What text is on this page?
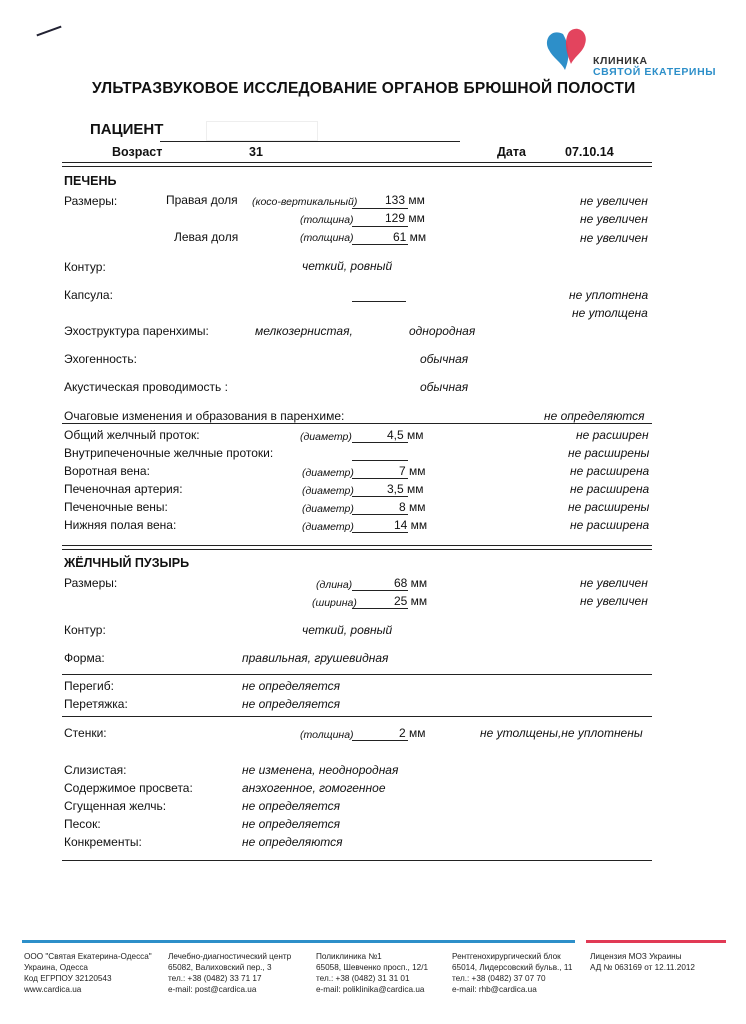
КЛИНИКА
СВЯТОЙ ЕКАТЕРИНЫ
УЛЬТРАЗВУКОВОЕ ИССЛЕДОВАНИЕ ОРГАНОВ БРЮШНОЙ ПОЛОСТИ
ПАЦИЕНТ
Возраст	31	Дата	07.10.14
ПЕЧЕНЬ
Размеры:	Правая доля (косо-вертикальный)	133 мм	не увеличен
(толщина)	129 мм	не увеличен
Левая доля	(толщина)	61 мм	не увеличен
Контур:	четкий, ровный
Капсула:	не уплотнена
не утолщена
Эхоструктура паренхимы:	мелкозернистая,	однородная
Эхогенность:	обычная
Акустическая проводимость :	обычная
Очаговые изменения и образования в паренхиме:	не определяются
Общий желчный проток:	(диаметр)	4,5 мм	не расширен
Внутрипеченочные желчные протоки:	не расширены
Воротная вена:	(диаметр)	7 мм	не расширена
Печеночная артерия:	(диаметр)	3,5 мм	не расширена
Печеночные вены:	(диаметр)	8 мм	не расширены
Нижняя полая вена:	(диаметр)	14 мм	не расширена
ЖЁЛЧНЫЙ ПУЗЫРЬ
Размеры:	(длина)	68 мм	не увеличен
(ширина)	25 мм	не увеличен
Контур:	четкий, ровный
Форма:	правильная, грушевидная
Перегиб:	не определяется
Перетяжка:	не определяется
Стенки:	(толщина)	2 мм	не утолщены,не уплотнены
Слизистая:	не изменена, неоднородная
Содержимое просвета:	анэхогенное, гомогенное
Сгущенная желчь:	не определяется
Песок:	не определяется
Конкременты:	не определяются
ООО "Святая Екатерина-Одесса"
Украина, Одесса
Код ЕГРПОУ 32120543
www.cardica.ua
Лечебно-диагностический центр
65082, Валиховский пер., 3
тел.: +38 (0482) 33 71 17
e-mail: post@cardica.ua
Поликлиника №1
65058, Шевченко просп., 12/1
тел.: +38 (0482) 31 31 01
e-mail: poliklinika@cardica.ua
Рентгенохирургический блок
65014, Лидерсовский бульв., 11
тел.: +38 (0482) 37 07 70
e-mail: rhb@cardica.ua
Лицензия МОЗ Украины
АД № 063169 от 12.11.2012
